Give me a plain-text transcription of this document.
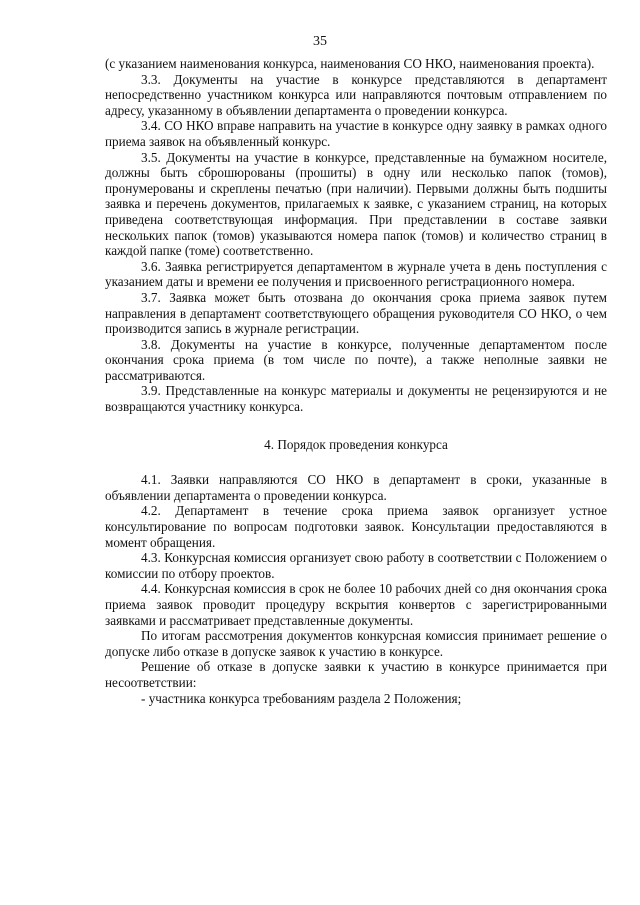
35

(с указанием наименования конкурса, наименования СО НКО, наименования проекта).

3.3. Документы на участие в конкурсе представляются в департамент непосредственно участником конкурса или направляются почтовым отправлением по адресу, указанному в объявлении департамента о проведении конкурса.

3.4. СО НКО вправе направить на участие в конкурсе одну заявку в рамках одного приема заявок на объявленный конкурс.

3.5. Документы на участие в конкурсе, представленные на бумажном носителе, должны быть сброшюрованы (прошиты) в одну или несколько папок (томов), пронумерованы и скреплены печатью (при наличии). Первыми должны быть подшиты заявка и перечень документов, прилагаемых к заявке, с указанием страниц, на которых приведена соответствующая информация. При представлении в составе заявки нескольких папок (томов) указываются номера папок (томов) и количество страниц в каждой папке (томе) соответственно.

3.6. Заявка регистрируется департаментом в журнале учета в день поступления с указанием даты и времени ее получения и присвоенного регистрационного номера.

3.7. Заявка может быть отозвана до окончания срока приема заявок путем направления в департамент соответствующего обращения руководителя СО НКО, о чем производится запись в журнале регистрации.

3.8. Документы на участие в конкурсе, полученные департаментом после окончания срока приема (в том числе по почте), а также неполные заявки не рассматриваются.

3.9. Представленные на конкурс материалы и документы не рецензируются и не возвращаются участнику конкурса.

4. Порядок проведения конкурса

4.1. Заявки направляются СО НКО в департамент в сроки, указанные в объявлении департамента о проведении конкурса.

4.2. Департамент в течение срока приема заявок организует устное консультирование по вопросам подготовки заявок. Консультации предоставляются в момент обращения.

4.3. Конкурсная комиссия организует свою работу в соответствии с Положением о комиссии по отбору проектов.

4.4. Конкурсная комиссия в срок не более 10 рабочих дней со дня окончания срока приема заявок проводит процедуру вскрытия конвертов с зарегистрированными заявками и рассматривает представленные документы.

По итогам рассмотрения документов конкурсная комиссия принимает решение о допуске либо отказе в допуске заявок к участию в конкурсе.

Решение об отказе в допуске заявки к участию в конкурсе принимается при несоответствии:

- участника конкурса требованиям раздела 2 Положения;
